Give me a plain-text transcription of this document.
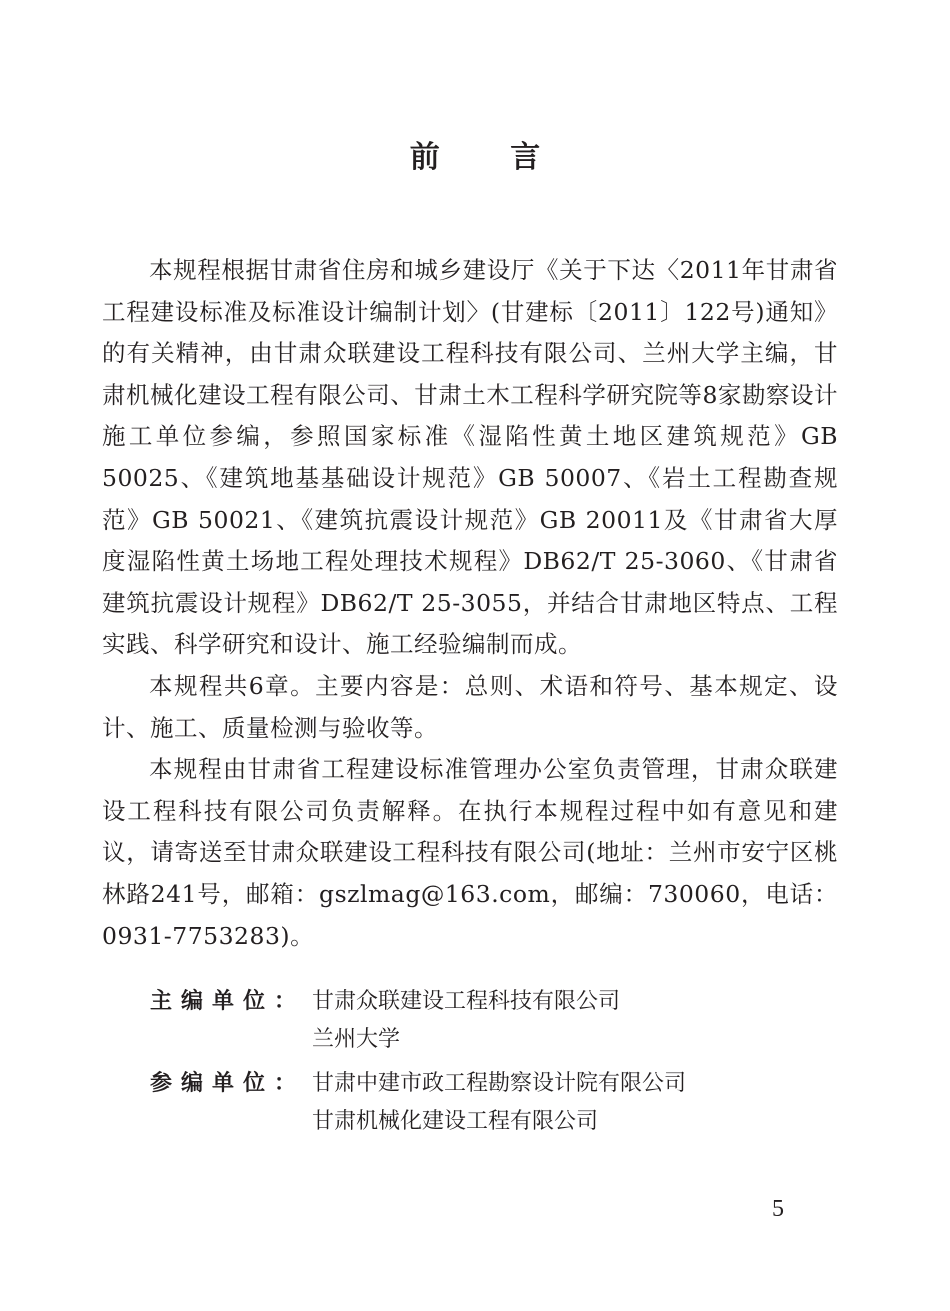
前 言

本规程根据甘肃省住房和城乡建设厅《关于下达〈2011年甘肃省工程建设标准及标准设计编制计划〉(甘建标〔2011〕122号)通知》的有关精神，由甘肃众联建设工程科技有限公司、兰州大学主编，甘肃机械化建设工程有限公司、甘肃土木工程科学研究院等8家勘察设计施工单位参编，参照国家标准《湿陷性黄土地区建筑规范》GB 50025、《建筑地基基础设计规范》GB 50007、《岩土工程勘查规范》GB 50021、《建筑抗震设计规范》GB 20011及《甘肃省大厚度湿陷性黄土场地工程处理技术规程》DB62/T 25-3060、《甘肃省建筑抗震设计规程》DB62/T 25-3055，并结合甘肃地区特点、工程实践、科学研究和设计、施工经验编制而成。

本规程共6章。主要内容是：总则、术语和符号、基本规定、设计、施工、质量检测与验收等。

本规程由甘肃省工程建设标准管理办公室负责管理，甘肃众联建设工程科技有限公司负责解释。在执行本规程过程中如有意见和建议，请寄送至甘肃众联建设工程科技有限公司(地址：兰州市安宁区桃林路241号，邮箱：gszlmag@163.com，邮编：730060，电话：0931-7753283)。

主编单位： 甘肃众联建设工程科技有限公司
兰州大学
参编单位： 甘肃中建市政工程勘察设计院有限公司
甘肃机械化建设工程有限公司
5
